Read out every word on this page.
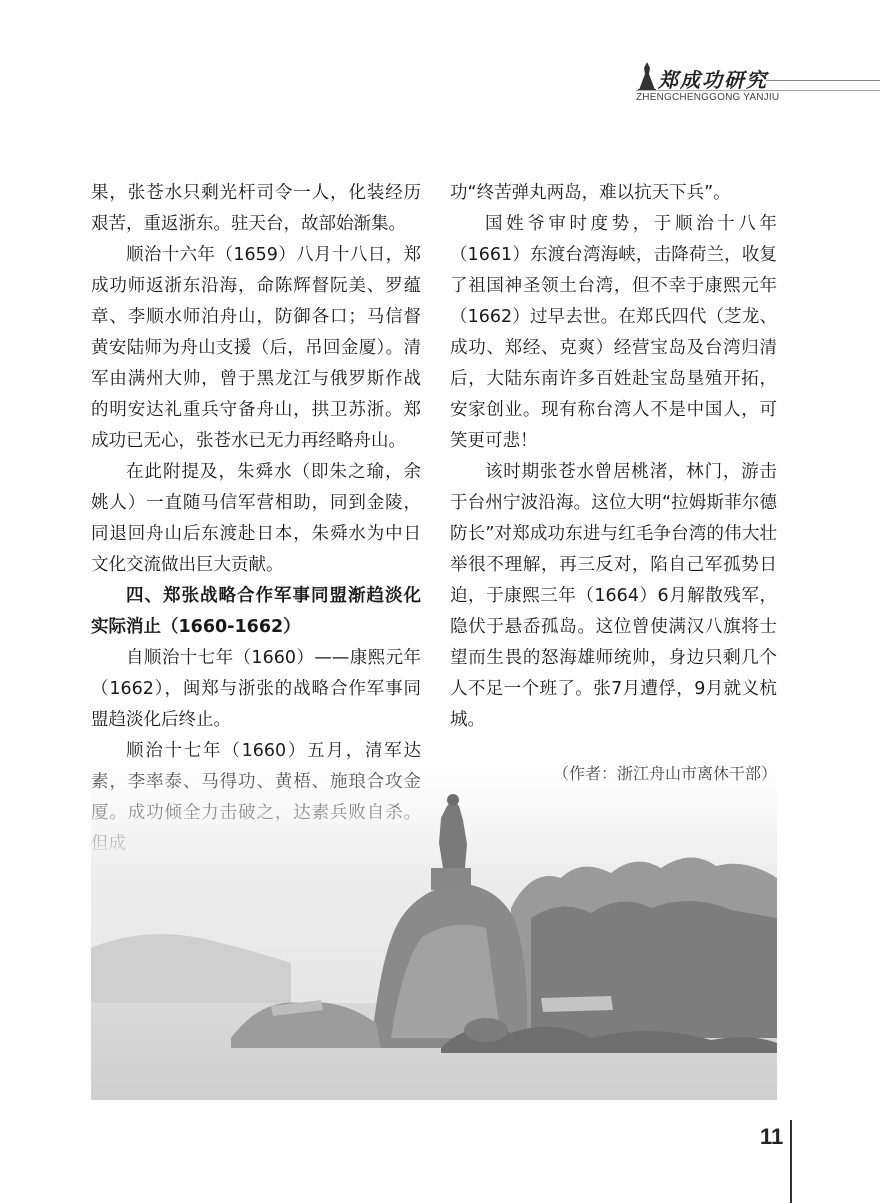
郑成功研究
ZHENGCHENGGONG YANJIU

果，张苍水只剩光杆司令一人，化装经历艰苦，重返浙东。驻天台，故部始渐集。

顺治十六年（1659）八月十八日，郑成功师返浙东沿海，命陈辉督阮美、罗蕴章、李顺水师泊舟山，防御各口；马信督黄安陆师为舟山支援（后，吊回金厦）。清军由满州大帅，曾于黑龙江与俄罗斯作战的明安达礼重兵守备舟山，拱卫苏浙。郑成功已无心，张苍水已无力再经略舟山。

在此附提及，朱舜水（即朱之瑜，余姚人）一直随马信军营相助，同到金陵，同退回舟山后东渡赴日本，朱舜水为中日文化交流做出巨大贡献。

四、郑张战略合作军事同盟渐趋淡化实际消止（1660-1662）

自顺治十七年（1660）——康熙元年（1662），闽郑与浙张的战略合作军事同盟趋淡化后终止。

功“终苦弹丸两岛，难以抗天下兵”。

国姓爷审时度势，于顺治十八年（1661）东渡台湾海峡，击降荷兰，收复了祖国神圣领土台湾，但不幸于康熙元年（1662）过早去世。在郑氏四代（芝龙、成功、郑经、克爽）经营宝岛及台湾归清后，大陆东南许多百姓赴宝岛垦殖开拓，安家创业。现有称台湾人不是中国人，可笑更可悲！

该时期张苍水曾居桃渚，林门，游击于台州宁波沿海。这位大明“拉姆斯菲尔德防长”对郑成功东进与红毛争台湾的伟大壮举很不理解，再三反对，陷自己军孤势日迫，于康熙三年（1664）6月解散残军，隐伏于悬岙孤岛。这位曾使满汉八旗将士望而生畏的怒海雄师统帅，身边只剩几个人不足一个班了。张7月遭俘，9月就义杭城。

11
